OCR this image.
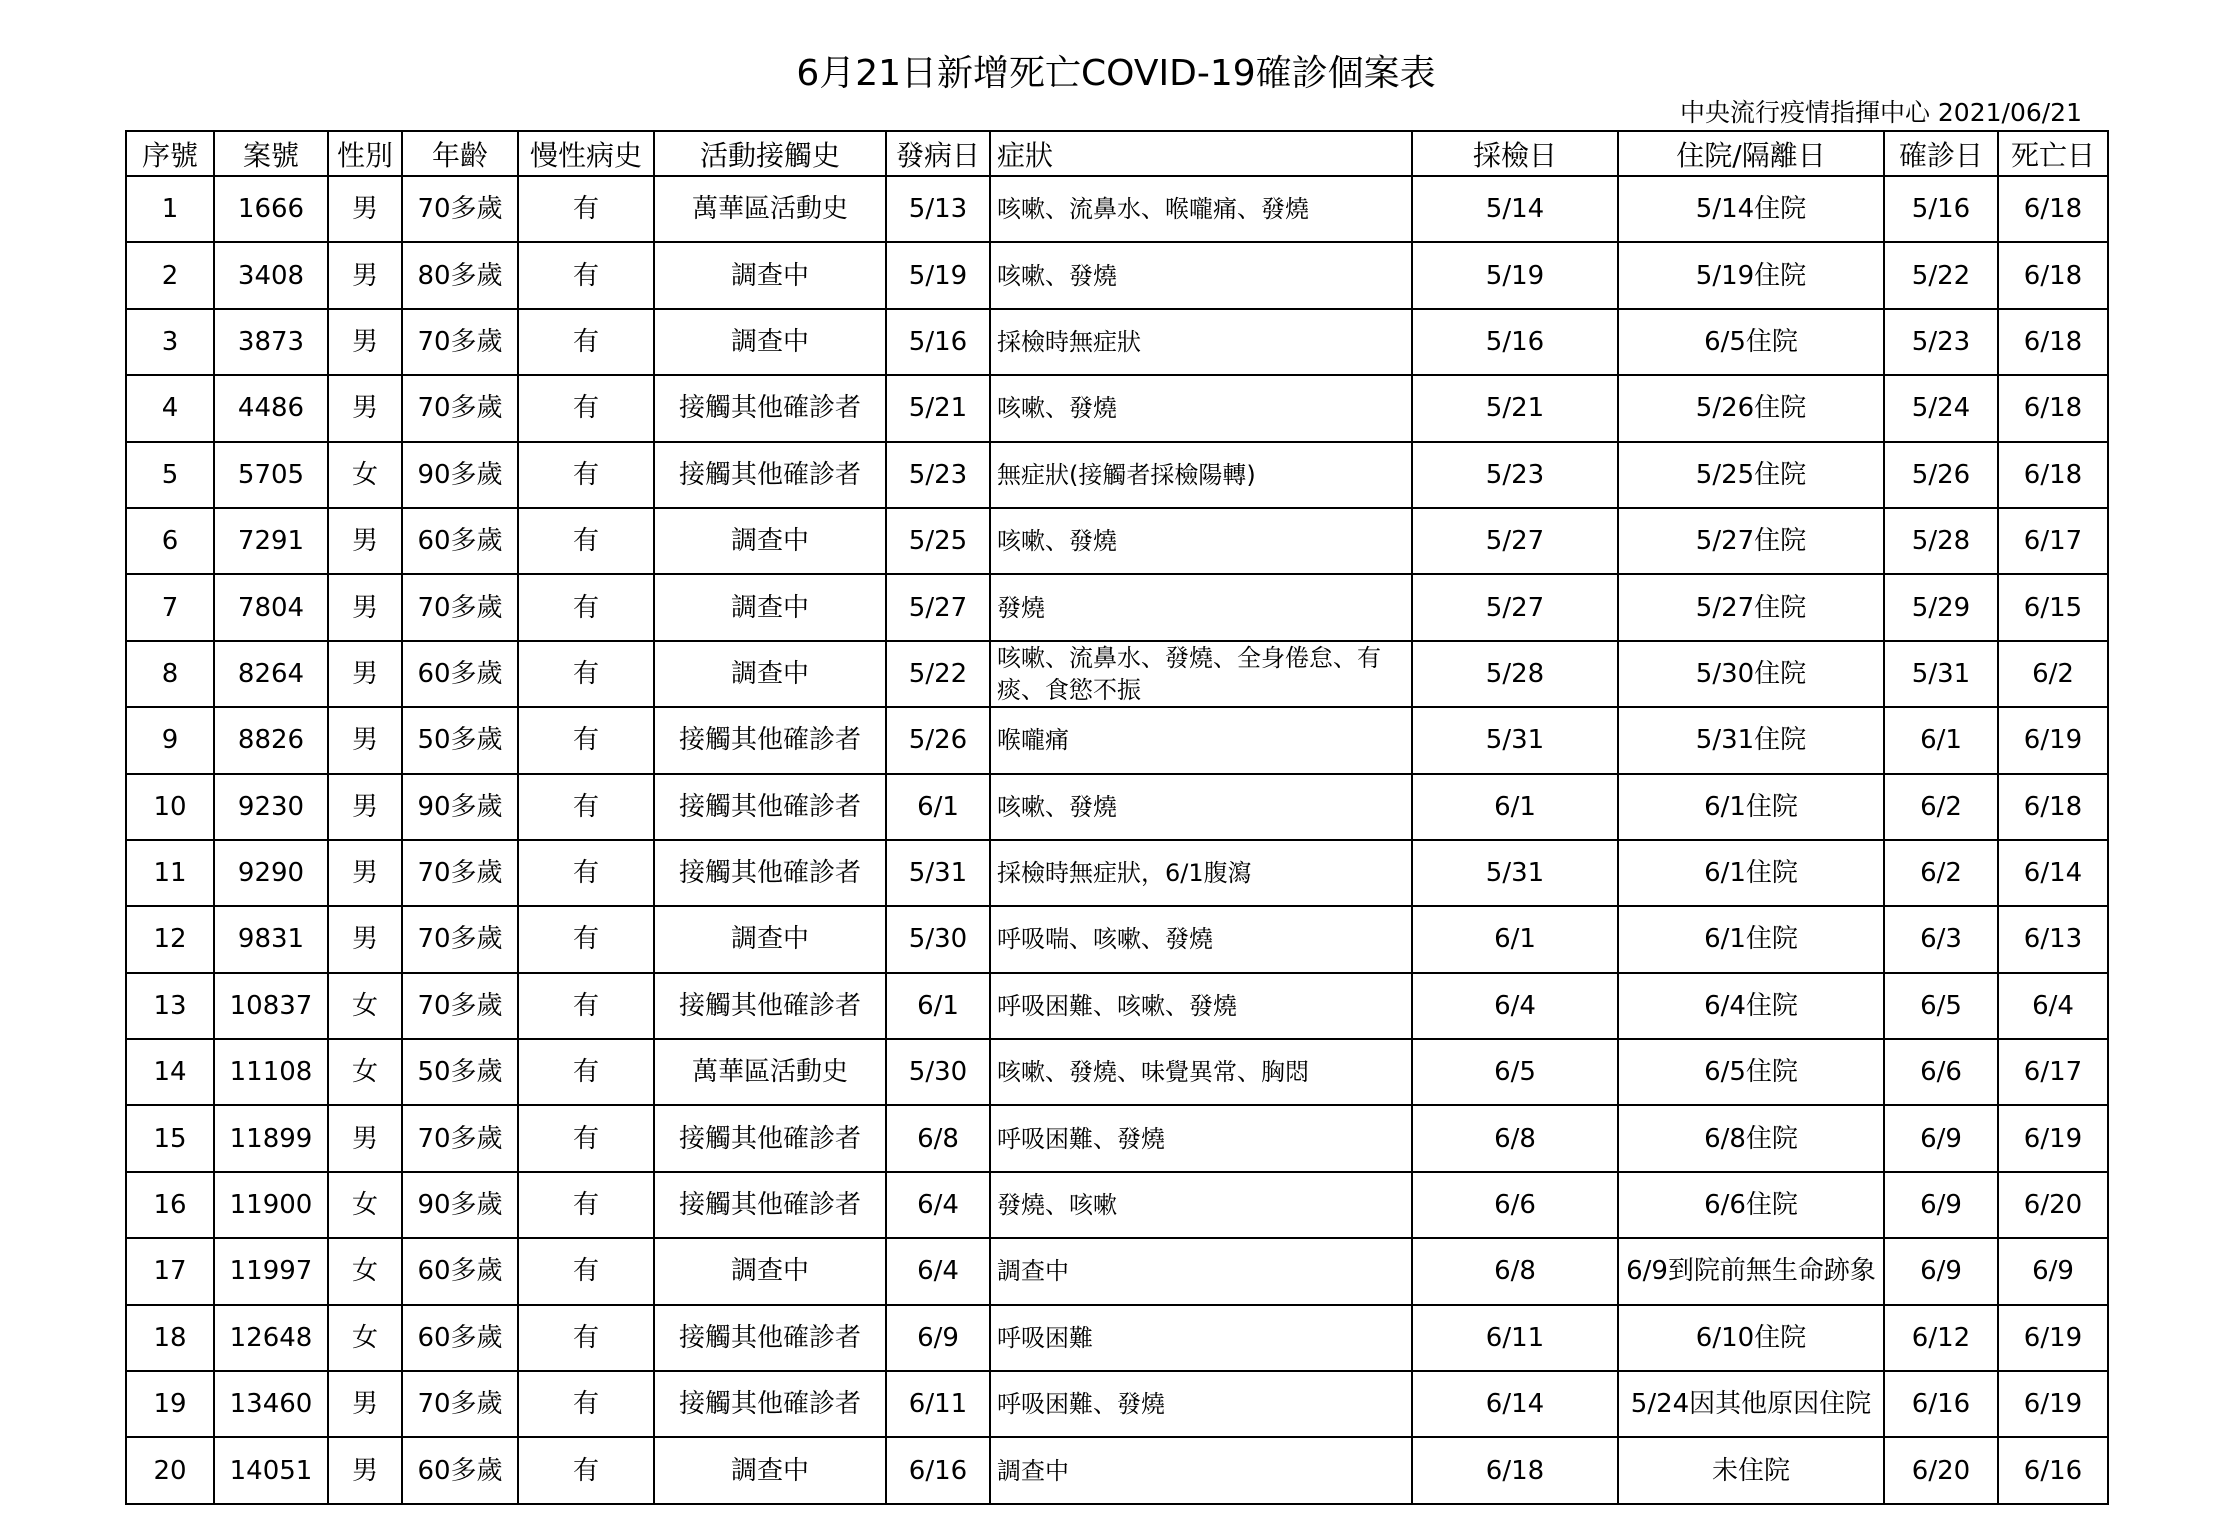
6月21日新增死亡COVID-19確診個案表
中央流行疫情指揮中心 2021/06/21
序號	案號	性別	年齡	慢性病史	活動接觸史	發病日	症狀	採檢日	住院/隔離日	確診日	死亡日
1	1666	男	70多歲	有	萬華區活動史	5/13	咳嗽、流鼻水、喉嚨痛、發燒	5/14	5/14住院	5/16	6/18
2	3408	男	80多歲	有	調查中	5/19	咳嗽、發燒	5/19	5/19住院	5/22	6/18
3	3873	男	70多歲	有	調查中	5/16	採檢時無症狀	5/16	6/5住院	5/23	6/18
4	4486	男	70多歲	有	接觸其他確診者	5/21	咳嗽、發燒	5/21	5/26住院	5/24	6/18
5	5705	女	90多歲	有	接觸其他確診者	5/23	無症狀(接觸者採檢陽轉)	5/23	5/25住院	5/26	6/18
6	7291	男	60多歲	有	調查中	5/25	咳嗽、發燒	5/27	5/27住院	5/28	6/17
7	7804	男	70多歲	有	調查中	5/27	發燒	5/27	5/27住院	5/29	6/15
8	8264	男	60多歲	有	調查中	5/22	咳嗽、流鼻水、發燒、全身倦怠、有痰、食慾不振	5/28	5/30住院	5/31	6/2
9	8826	男	50多歲	有	接觸其他確診者	5/26	喉嚨痛	5/31	5/31住院	6/1	6/19
10	9230	男	90多歲	有	接觸其他確診者	6/1	咳嗽、發燒	6/1	6/1住院	6/2	6/18
11	9290	男	70多歲	有	接觸其他確診者	5/31	採檢時無症狀，6/1腹瀉	5/31	6/1住院	6/2	6/14
12	9831	男	70多歲	有	調查中	5/30	呼吸喘、咳嗽、發燒	6/1	6/1住院	6/3	6/13
13	10837	女	70多歲	有	接觸其他確診者	6/1	呼吸困難、咳嗽、發燒	6/4	6/4住院	6/5	6/4
14	11108	女	50多歲	有	萬華區活動史	5/30	咳嗽、發燒、味覺異常、胸悶	6/5	6/5住院	6/6	6/17
15	11899	男	70多歲	有	接觸其他確診者	6/8	呼吸困難、發燒	6/8	6/8住院	6/9	6/19
16	11900	女	90多歲	有	接觸其他確診者	6/4	發燒、咳嗽	6/6	6/6住院	6/9	6/20
17	11997	女	60多歲	有	調查中	6/4	調查中	6/8	6/9到院前無生命跡象	6/9	6/9
18	12648	女	60多歲	有	接觸其他確診者	6/9	呼吸困難	6/11	6/10住院	6/12	6/19
19	13460	男	70多歲	有	接觸其他確診者	6/11	呼吸困難、發燒	6/14	5/24因其他原因住院	6/16	6/19
20	14051	男	60多歲	有	調查中	6/16	調查中	6/18	未住院	6/20	6/16
